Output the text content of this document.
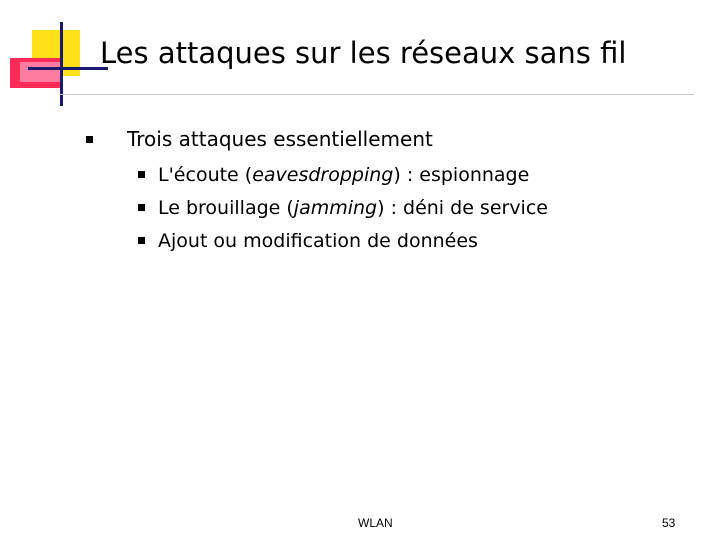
Les attaques sur les réseaux sans fil
Trois attaques essentiellement
L'écoute (eavesdropping) : espionnage
Le brouillage (jamming) : déni de service
Ajout ou modification de données
WLAN	53
